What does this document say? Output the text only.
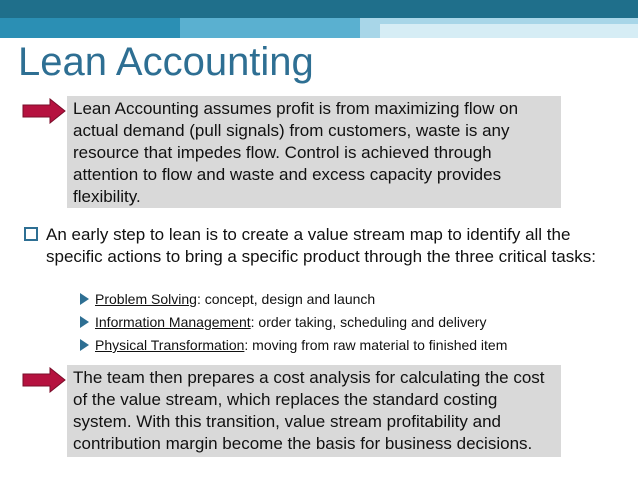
Lean Accounting
Lean Accounting assumes profit is from maximizing flow on actual demand (pull signals) from customers, waste is any resource that impedes flow. Control is achieved through attention to flow and waste and excess capacity provides flexibility.
An early step to lean is to create a value stream map to identify all the specific actions to bring a specific product through the three critical tasks:
Problem Solving: concept, design and launch
Information Management: order taking, scheduling and delivery
Physical Transformation: moving from raw material to finished item
The team then prepares a cost analysis for calculating the cost of the value stream, which replaces the standard costing system. With this transition, value stream profitability and contribution margin become the basis for business decisions.
